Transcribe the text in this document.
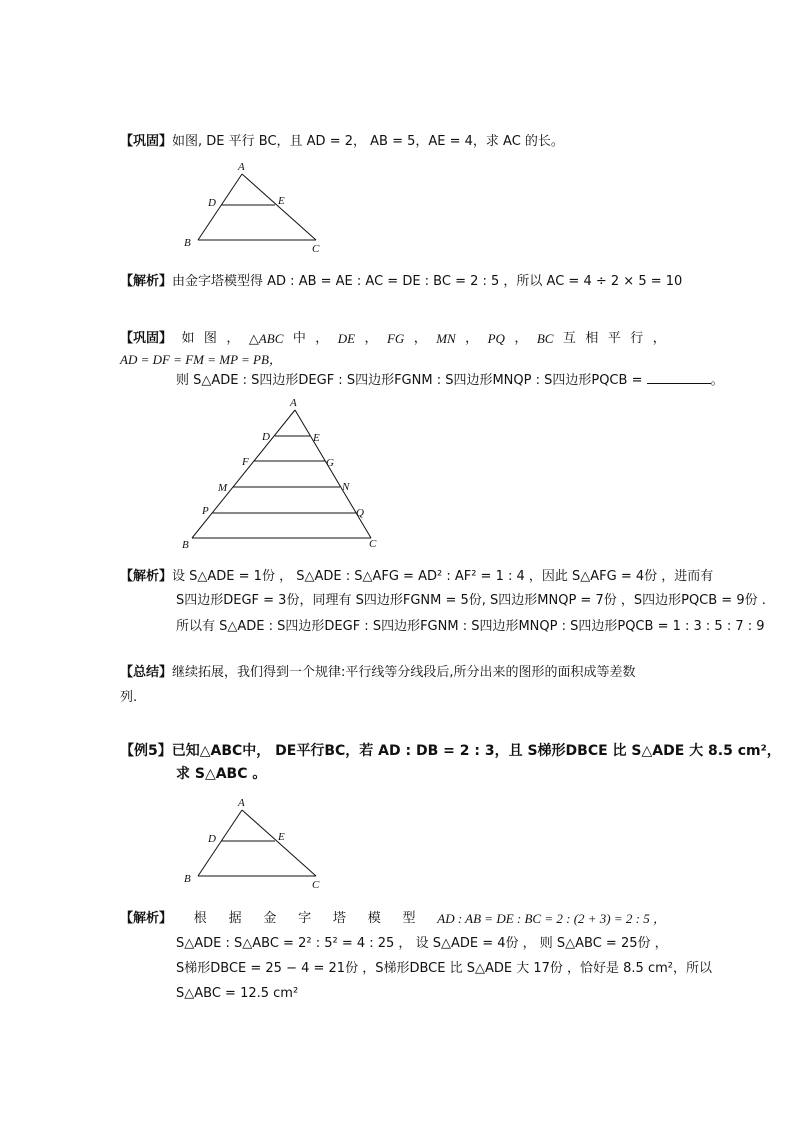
【巩固】如图, DE 平行 BC，且 AD = 2， AB = 5，AE = 4，求 AC 的长。
A
D	E
B	C
【解析】由金字塔模型得 AD : AB = AE : AC = DE : BC = 2 : 5 ，所以 AC = 4 ÷ 2 × 5 = 10
【巩固】 如 图 ， △ABC 中 ， DE ， FG ， MN ， PQ ， BC 互 相 平 行 ，
AD = DF = FM = MP = PB，
则 S△ADE : S四边形DEGF : S四边形FGNM : S四边形MNQP : S四边形PQCB =	。
A
D	E
F	G
M	N
P	Q
B	C
【解析】设 S△ADE = 1份 ， S△ADE : S△AFG = AD² : AF² = 1 : 4 ，因此 S△AFG = 4份 ，进而有
S四边形DEGF = 3份，同理有 S四边形FGNM = 5份, S四边形MNQP = 7份 ，S四边形PQCB = 9份 .
所以有 S△ADE : S四边形DEGF : S四边形FGNM : S四边形MNQP : S四边形PQCB = 1 : 3 : 5 : 7 : 9
【总结】继续拓展，我们得到一个规律:平行线等分线段后,所分出来的图形的面积成等差数
列.
【例5】已知△ABC中， DE平行BC，若 AD : DB = 2 : 3，且 S梯形DBCE 比 S△ADE 大 8.5 cm²，
求 S△ABC 。
A
D	E
B	C
【解析】 根 据 金 字 塔 模 型 AD : AB = DE : BC = 2 : (2 + 3) = 2 : 5 ，
S△ADE : S△ABC = 2² : 5² = 4 : 25 ， 设 S△ADE = 4份 ， 则 S△ABC = 25份 ，
S梯形DBCE = 25 − 4 = 21份 ，S梯形DBCE 比 S△ADE 大 17份 ，恰好是 8.5 cm²，所以
S△ABC = 12.5 cm²
